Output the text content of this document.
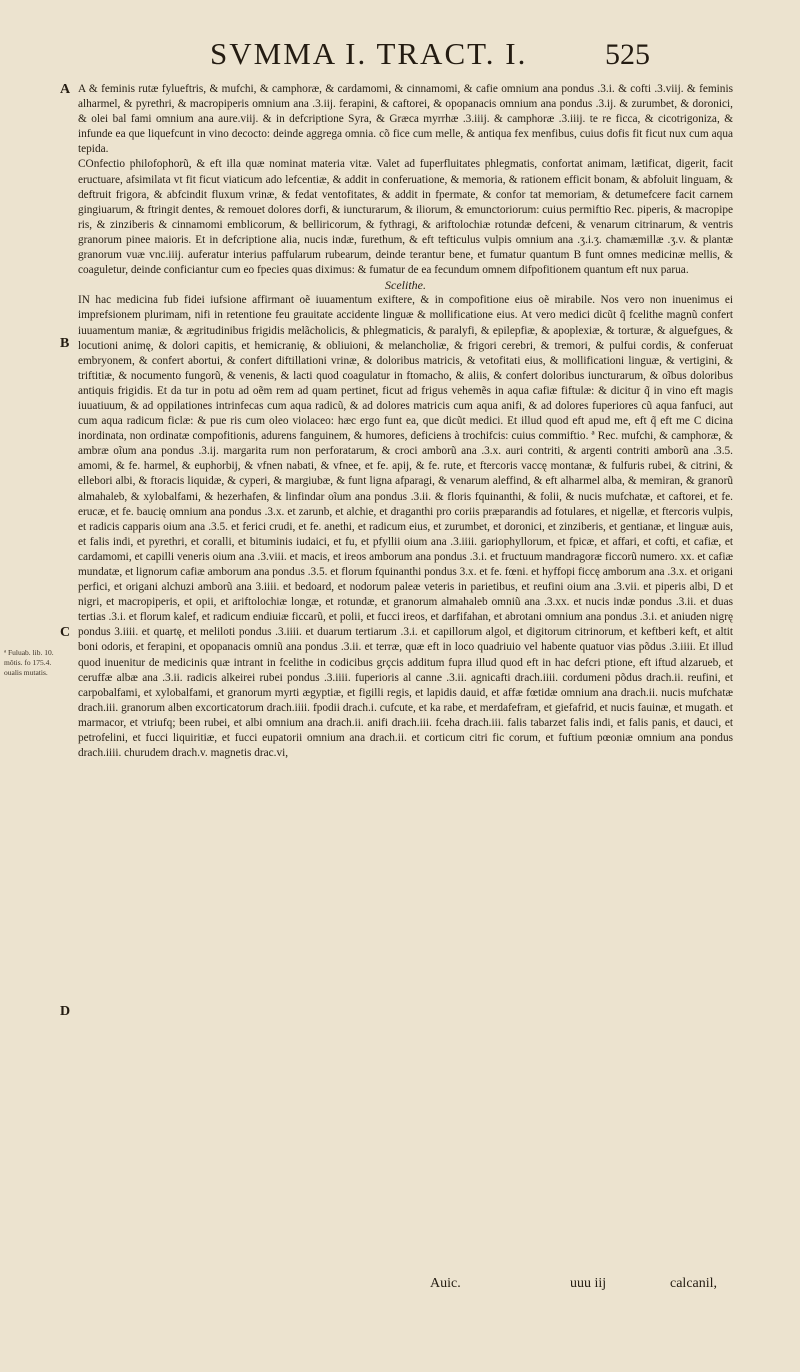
SVMMA I. TRACT. I.	525
A
B
C
D
ª Fuluab. lib. 10.
mõtis. fo 175.4.
oualis mutatis.

A & feminis rutæ fylueftris, & mufchi, & camphoræ, & cardamomi, & cinnamomi, & cafie omnium ana pondus .3.i. & cofti .3.viij. & feminis alharmel, & pyrethri, & macropiperis omnium ana .3.iij. ferapini, & caftorei, & opopanacis omnium ana pondus .3.ij. & zurumbet, & doronici, & olei bal fami omnium ana aure.viij. & in defcriptione Syra, & Græca myrrhæ .3.iiij. & camphoræ .3.iiij. te re ficca, & cicotrigoniza, & infunde ea que liquefcunt in vino decocto: deinde aggrega omnia. cõ fice cum melle, & antiqua fex menfibus, cuius dofis fit ficut nux cum aqua tepida.

COnfectio philofophorũ, & eft illa quæ nominat materia vitæ. Valet ad fuperfluitates phlegmatis, confortat animam, lætificat, digerit, facit eructuare, afsimilata vt fit ficut viaticum ado lefcentiæ, & addit in conferuatione, & memoria, & rationem efficit bonam, & abfoluit linguam, & deftruit frigora, & abfcindit fluxum vrinæ, & fedat ventofitates, & addit in fpermate, & confor tat memoriam, & detumefcere facit carnem gingiuarum, & ftringit dentes, & remouet dolores dorfi, & iuncturarum, & iliorum, & emunctoriorum: cuius permiftio Rec. piperis, & macropipe ris, & zinziberis & cinnamomi emblicorum, & belliricorum, & fythragi, & ariftolochiæ rotundæ defceni, & venarum citrinarum, & ventris granorum pinee maioris. Et in defcriptione alia, nucis indæ, furethum, & eft tefticulus vulpis omnium ana .ʒ.i.ʒ. chamæmillæ .ʒ.v. & plantæ granorum vuæ vnc.iiij. auferatur interius paffularum rubearum, deinde terantur bene, et fumatur quantum B funt omnes medicinæ mellis, & coaguletur, deinde conficiantur cum eo fpecies quas diximus: & fumatur de ea fecundum omnem difpofitionem quantum eft nux parua.

Scelithe.

IN hac medicina fub fidei iufsione affirmant oẽ iuuamentum exiftere, & in compofitione eius oẽ mirabile. Nos vero non inuenimus ei imprefsionem plurimam, nifi in retentione feu grauitate accidente linguæ & mollificatione eius. At vero medici dicũt q̃ fcelithe magnũ confert iuuamentum maniæ, & ægritudinibus frigidis melãcholicis, & phlegmaticis, & paralyfi, & epilepfiæ, & apoplexiæ, & torturæ, & alguefgues, & locutioni animę, & dolori capitis, et hemicranię, & obliuioni, & melancholiæ, & frigori cerebri, & tremori, & pulfui cordis, & conferuat embryonem, & confert abortui, & confert diftillationi vrinæ, & doloribus matricis, & vetofitati eius, & mollificationi linguæ, & vertigini, & triftitiæ, & nocumento fungorũ, & venenis, & lacti quod coagulatur in ftomacho, & aliis, & confert doloribus iuncturarum, & oĩbus doloribus antiquis frigidis. Et da tur in potu ad oẽm rem ad quam pertinet, ficut ad frigus vehemẽs in aqua cafiæ fiftulæ: & dicitur q̃ in vino eft magis iuuatiuum, & ad oppilationes intrinfecas cum aqua radicũ, & ad dolores matricis cum aqua anifi, & ad dolores fuperiores cũ aqua fanfuci, aut cum aqua radicum ficlæ: & pue ris cum oleo violaceo: hæc ergo funt ea, que dicũt medici. Et illud quod eft apud me, eft q̃ eft me C dicina inordinata, non ordinatæ compofitionis, adurens fanguinem, & humores, deficiens à trochifcis: cuius commiftio. ª Rec. mufchi, & camphoræ, & ambræ oĩum ana pondus .3.ij. margarita rum non perforatarum, & croci amborũ ana .3.x. auri contriti, & argenti contriti amborũ ana .3.5. amomi, & fe. harmel, & euphorbij, & vfnen nabati, & vfnee, et fe. apij, & fe. rute, et ftercoris vaccę montanæ, & fulfuris rubei, & citrini, & ellebori albi, & ftoracis liquidæ, & cyperi, & margiubæ, & funt ligna afparagi, & venarum aleffind, & eft alharmel alba, & memiran, & granorũ almahaleb, & xylobalfami, & hezerhafen, & linfindar oĩum ana pondus .3.ii. & floris fquinanthi, & folii, & nucis mufchatæ, et caftorei, et fe. erucæ, et fe. baucię omnium ana pondus .3.x. et zarunb, et alchie, et draganthi pro coriis præparandis ad fotulares, et nigellæ, et ftercoris vulpis, et radicis capparis oium ana .3.5. et ferici crudi, et fe. anethi, et radicum eius, et zurumbet, et doronici, et zinziberis, et gentianæ, et linguæ auis, et falis indi, et pyrethri, et coralli, et bituminis iudaici, et fu, et pfyllii oium ana .3.iiii. gariophyllorum, et fpicæ, et affari, et cofti, et cafiæ, et cardamomi, et capilli veneris oium ana .3.viii. et macis, et ireos amborum ana pondus .3.i. et fructuum mandragoræ ficcorũ numero. xx. et cafiæ mundatæ, et lignorum cafiæ amborum ana pondus .3.5. et florum fquinanthi pondus 3.x. et fe. fœni. et hyffopi ficcę amborum ana .3.x. et origani perfici, et origani alchuzi amborũ ana 3.iiii. et bedoard, et nodorum paleæ veteris in parietibus, et reufini oium ana .3.vii. et piperis albi, D et nigri, et macropiperis, et opii, et ariftolochiæ longæ, et rotundæ, et granorum almahaleb omniũ ana .3.xx. et nucis indæ pondus .3.ii. et duas tertias .3.i. et florum kalef, et radicum endiuiæ ficcarũ, et polii, et fucci ireos, et darfifahan, et abrotani omnium ana pondus .3.i. et aniuden nigrę pondus 3.iiii. et quartę, et meliloti pondus .3.iiii. et duarum tertiarum .3.i. et capillorum algol, et digitorum citrinorum, et keftberi keft, et altit boni odoris, et ferapini, et opopanacis omniũ ana pondus .3.ii. et terræ, quæ eft in loco quadriuio vel habente quatuor vias põdus .3.iiii. Et illud quod inuenitur de medicinis quæ intrant in fcelithe in codicibus grçcis additum fupra illud quod eft in hac defcri ptione, eft iftud alzarueb, et ceruffæ albæ ana .3.ii. radicis alkeirei rubei pondus .3.iiii. fuperioris al canne .3.ii. agnicafti drach.iiii. cordumeni põdus drach.ii. reufini, et carpobalfami, et xylobalfami, et granorum myrti ægyptiæ, et figilli regis, et lapidis dauid, et affæ fœtidæ omnium ana drach.ii. nucis mufchatæ drach.iii. granorum alben excorticatorum drach.iiii. fpodii drach.i. cufcute, et ka rabe, et merdafefram, et giefafrid, et nucis fauinæ, et mugath. et marmacor, et vtriufq; been rubei, et albi omnium ana drach.ii. anifi drach.iii. fceha drach.iii. falis tabarzet falis indi, et falis panis, et dauci, et petrofelini, et fucci liquiritiæ, et fucci eupatorii omnium ana drach.ii. et corticum citri fic corum, et fuftium pœoniæ omnium ana pondus drach.iiii. churudem drach.v. magnetis drac.vi,

Auic.	uuu iij	calcanil,
